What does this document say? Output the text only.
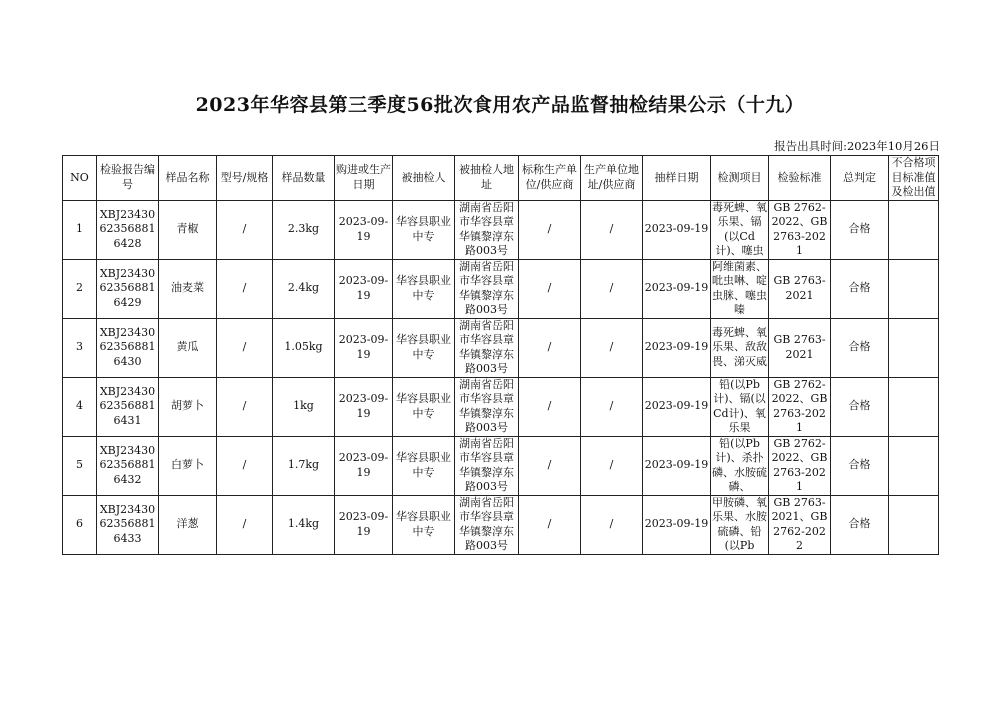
2023年华容县第三季度56批次食用农产品监督抽检结果公示（十九）
报告出具时间:2023年10月26日
NO	检验报告编号	样品名称	型号/规格	样品数量	购进或生产日期	被抽检人	被抽检人地址	标称生产单位/供应商	生产单位地址/供应商	抽样日期	检测项目	检验标准	总判定	不合格项目标准值及检出值

1	XBJ23430623568816428	青椒	/	2.3kg	2023-09-19	华容县职业中专	湖南省岳阳市华容县章华镇黎淳东路003号	/	/	2023-09-19	毒死蜱、氧乐果、镉(以Cd计)、噻虫	GB 2762-2022、GB 2763-2021	合格	

2	XBJ23430623568816429	油麦菜	/	2.4kg	2023-09-19	华容县职业中专	湖南省岳阳市华容县章华镇黎淳东路003号	/	/	2023-09-19	阿维菌素、吡虫啉、啶虫脒、噻虫嗪	GB 2763-2021	合格	

3	XBJ23430623568816430	黄瓜	/	1.05kg	2023-09-19	华容县职业中专	湖南省岳阳市华容县章华镇黎淳东路003号	/	/	2023-09-19	毒死蜱、氧乐果、敌敌畏、涕灭威	GB 2763-2021	合格	

4	XBJ23430623568816431	胡萝卜	/	1kg	2023-09-19	华容县职业中专	湖南省岳阳市华容县章华镇黎淳东路003号	/	/	2023-09-19	铅(以Pb计)、镉(以Cd计)、氧乐果	GB 2762-2022、GB 2763-2021	合格	

5	XBJ23430623568816432	白萝卜	/	1.7kg	2023-09-19	华容县职业中专	湖南省岳阳市华容县章华镇黎淳东路003号	/	/	2023-09-19	铅(以Pb计)、杀扑磷、水胺硫磷、	GB 2762-2022、GB 2763-2021	合格	

6	XBJ23430623568816433	洋葱	/	1.4kg	2023-09-19	华容县职业中专	湖南省岳阳市华容县章华镇黎淳东路003号	/	/	2023-09-19	甲胺磷、氧乐果、水胺硫磷、铅(以Pb	GB 2763-2021、GB 2762-2022	合格	
